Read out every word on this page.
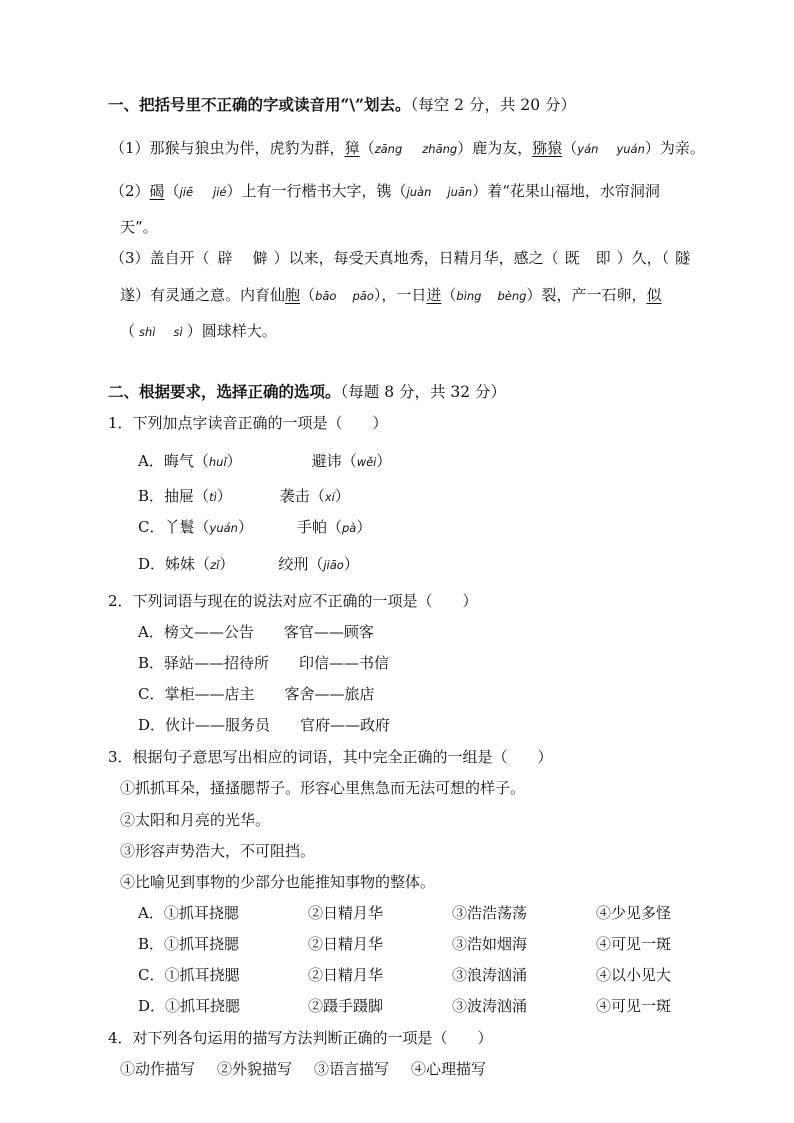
一、把括号里不正确的字或读音用“\”划去。（每空 2 分，共 20 分）
（1）那猴与狼虫为伴，虎豹为群，獐（zāng zhāng）鹿为友，猕猿（yán yuán）为亲。
（2）碣（jiē jié）上有一行楷书大字，镌（juàn juān）着“花果山福地，水帘洞洞
天”。
（3）盖自开（ 辟 僻 ）以来，每受天真地秀，日精月华，感之（ 既 即 ）久，（ 隧
遂）有灵通之意。内育仙胞（bāo pāo），一日迸（bìng bèng）裂，产一石卵，似
（ shì sì ）圆球样大。
二、根据要求，选择正确的选项。（每题 8 分，共 32 分）
1．下列加点字读音正确的一项是（　　）
A．晦气（huǐ）	避讳（wěi）
B．抽屉（tì）	袭击（xí）
C．丫鬟（yuán）	手帕（pà）
D．姊妹（zǐ）	绞刑（jiāo）
2．下列词语与现在的说法对应不正确的一项是（　　）
A．榜文——公告　　客官——顾客
B．驿站——招待所　　印信——书信
C．掌柜——店主　　客舍——旅店
D．伙计——服务员　　官府——政府
3．根据句子意思写出相应的词语，其中完全正确的一组是（　　）
①抓抓耳朵，搔搔腮帮子。形容心里焦急而无法可想的样子。
②太阳和月亮的光华。
③形容声势浩大，不可阻挡。
④比喻见到事物的少部分也能推知事物的整体。
A．①抓耳挠腮	②日精月华	③浩浩荡荡	④少见多怪
B．①抓耳挠腮	②日精月华	③浩如烟海	④可见一斑
C．①抓耳挠腮	②日精月华	③浪涛汹涌	④以小见大
D．①抓耳挠腮	②蹑手蹑脚	③波涛汹涌	④可见一斑
4．对下列各句运用的描写方法判断正确的一项是（　　）
①动作描写 ②外貌描写 ③语言描写 ④心理描写
